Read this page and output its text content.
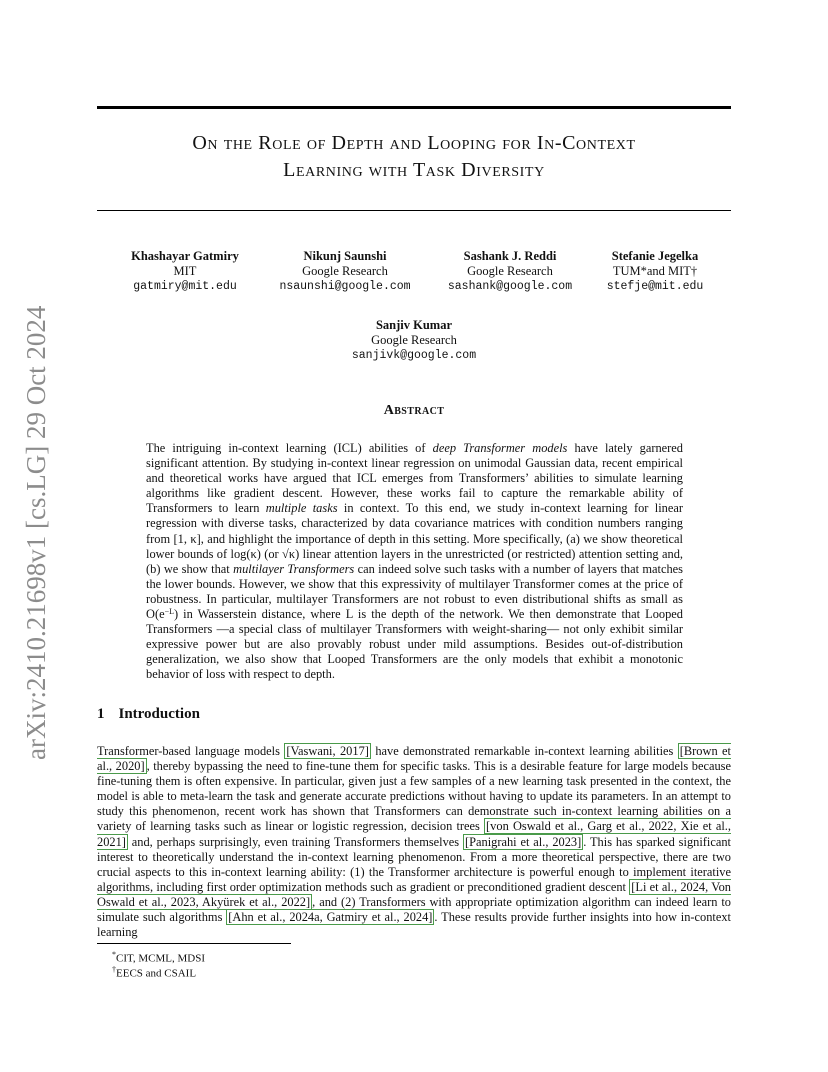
arXiv:2410.21698v1 [cs.LG] 29 Oct 2024
On the Role of Depth and Looping for In-Context
Learning with Task Diversity
Khashayar Gatmiry
MIT
gatmiry@mit.edu
Nikunj Saunshi
Google Research
nsaunshi@google.com
Sashank J. Reddi
Google Research
sashank@google.com
Stefanie Jegelka
TUM*and MIT†
stefje@mit.edu
Sanjiv Kumar
Google Research
sanjivk@google.com
Abstract

The intriguing in-context learning (ICL) abilities of deep Transformer models have lately garnered significant attention. By studying in-context linear regression on unimodal Gaussian data, recent empirical and theoretical works have argued that ICL emerges from Transformers’ abilities to simulate learning algorithms like gradient descent. However, these works fail to capture the remarkable ability of Transformers to learn multiple tasks in context. To this end, we study in-context learning for linear regression with diverse tasks, characterized by data covariance matrices with condition numbers ranging from [1, κ], and highlight the importance of depth in this setting. More specifically, (a) we show theoretical lower bounds of log(κ) (or √κ) linear attention layers in the unrestricted (or restricted) attention setting and, (b) we show that multilayer Transformers can indeed solve such tasks with a number of layers that matches the lower bounds. However, we show that this expressivity of multilayer Transformer comes at the price of robustness. In particular, multilayer Transformers are not robust to even distributional shifts as small as $O(e^{-L})$ in Wasserstein distance, where L is the depth of the network. We then demonstrate that Looped Transformers —a special class of multilayer Transformers with weight-sharing— not only exhibit similar expressive power but are also provably robust under mild assumptions. Besides out-of-distribution generalization, we also show that Looped Transformers are the only models that exhibit a monotonic behavior of loss with respect to depth.

1 Introduction

Transformer-based language models [Vaswani, 2017] have demonstrated remarkable in-context learning abilities [Brown et al., 2020] , thereby bypassing the need to fine-tune them for specific tasks. This is a desirable feature for large models because fine-tuning them is often expensive. In particular, given just a few samples of a new learning task presented in the context, the model is able to meta-learn the task and generate accurate predictions without having to update its parameters. In an attempt to study this phenomenon, recent work has shown that Transformers can demonstrate such in-context learning abilities on a variety of learning tasks such as linear or logistic regression, decision trees [von Oswald et al., Garg et al., 2022, Xie et al., 2021] and, perhaps surprisingly, even training Transformers themselves [Panigrahi et al., 2023] . This has sparked significant interest to theoretically understand the in-context learning phenomenon. From a more theoretical perspective, there are two crucial aspects to this in-context learning ability: (1) the Transformer architecture is powerful enough to implement iterative algorithms, including first order optimization methods such as gradient or preconditioned gradient descent [Li et al., 2024, Von Oswald et al., 2023, Akyürek et al., 2022] , and (2) Transformers with appropriate optimization algorithm can indeed learn to simulate such algorithms [Ahn et al., 2024a, Gatmiry et al., 2024] . These results provide further insights into how in-context learning

*CIT, MCML, MDSI
†EECS and CSAIL
